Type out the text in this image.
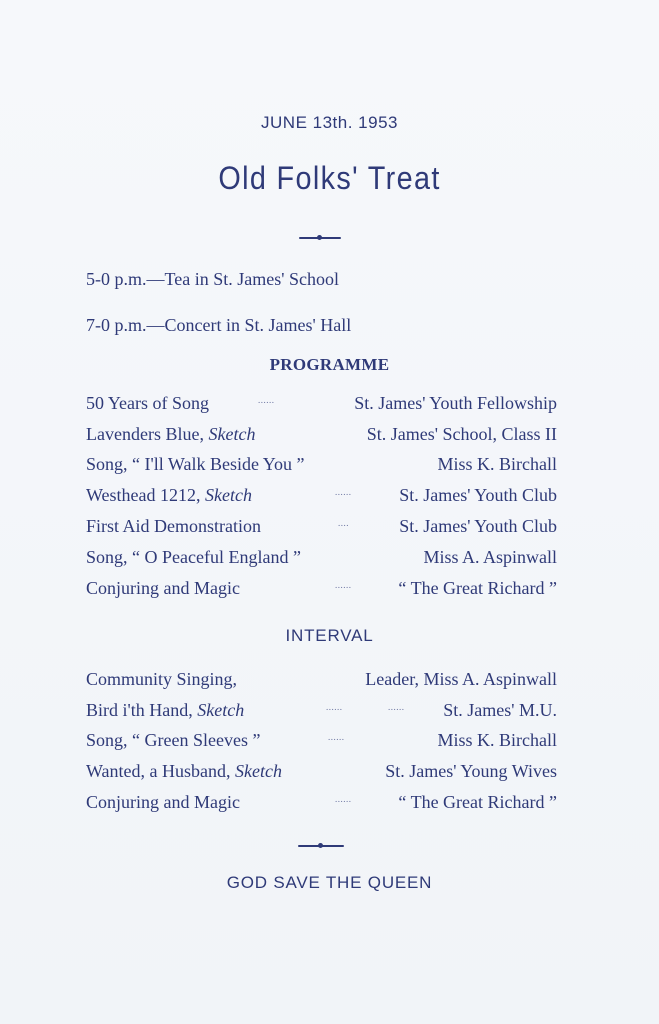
JUNE 13th. 1953
Old Folks' Treat
5-0 p.m.—Tea in St. James' School
7-0 p.m.—Concert in St. James' Hall
PROGRAMME
50 Years of Song	......	St. James' Youth Fellowship
Lavenders Blue, Sketch	St. James' School, Class II
Song, “ I'll Walk Beside You ”	Miss K. Birchall
Westhead 1212, Sketch	......	St. James' Youth Club
First Aid Demonstration	....	St. James' Youth Club
Song, “ O Peaceful England ”	Miss A. Aspinwall
Conjuring and Magic	......	“ The Great Richard ”
INTERVAL
Community Singing,	Leader, Miss A. Aspinwall
Bird i'th Hand, Sketch	......	...... St. James' M.U.
Song, “ Green Sleeves ”	......	Miss K. Birchall
Wanted, a Husband, Sketch	St. James' Young Wives
Conjuring and Magic	......	“ The Great Richard ”
GOD SAVE THE QUEEN
